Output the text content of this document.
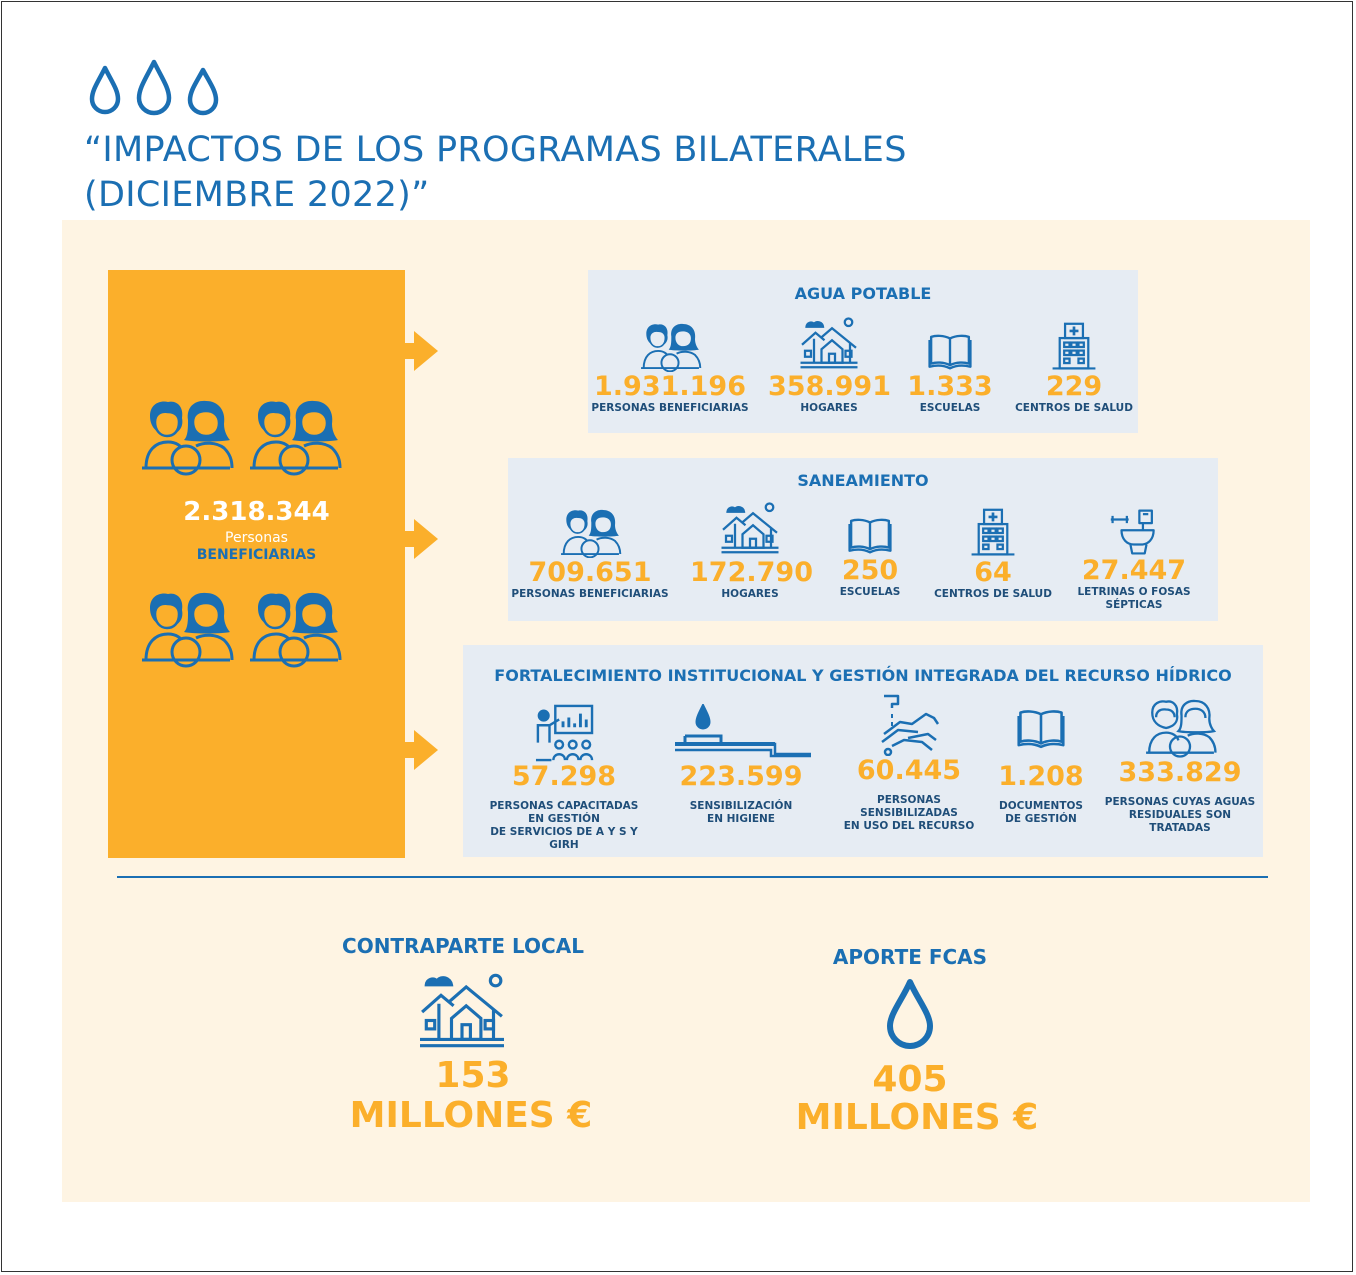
“IMPACTOS DE LOS PROGRAMAS BILATERALES
(DICIEMBRE 2022)”
2.318.344
Personas
BENEFICIARIAS
AGUA POTABLE
1.931.196
PERSONAS BENEFICIARIAS
358.991
HOGARES
1.333
ESCUELAS
229
CENTROS DE SALUD
SANEAMIENTO
709.651
PERSONAS BENEFICIARIAS
172.790
HOGARES
250
ESCUELAS
64
CENTROS DE SALUD
27.447
LETRINAS O FOSAS
SÉPTICAS
FORTALECIMIENTO INSTITUCIONAL Y GESTIÓN INTEGRADA DEL RECURSO HÍDRICO
57.298
PERSONAS CAPACITADAS
EN GESTIÓN
DE SERVICIOS DE A Y S Y GIRH
223.599
SENSIBILIZACIÓN
EN HIGIENE
60.445
PERSONAS
SENSIBILIZADAS
EN USO DEL RECURSO
1.208
DOCUMENTOS
DE GESTIÓN
333.829
PERSONAS CUYAS AGUAS
RESIDUALES SON TRATADAS
CONTRAPARTE LOCAL
153
MILLONES €
APORTE FCAS
405
MILLONES €
